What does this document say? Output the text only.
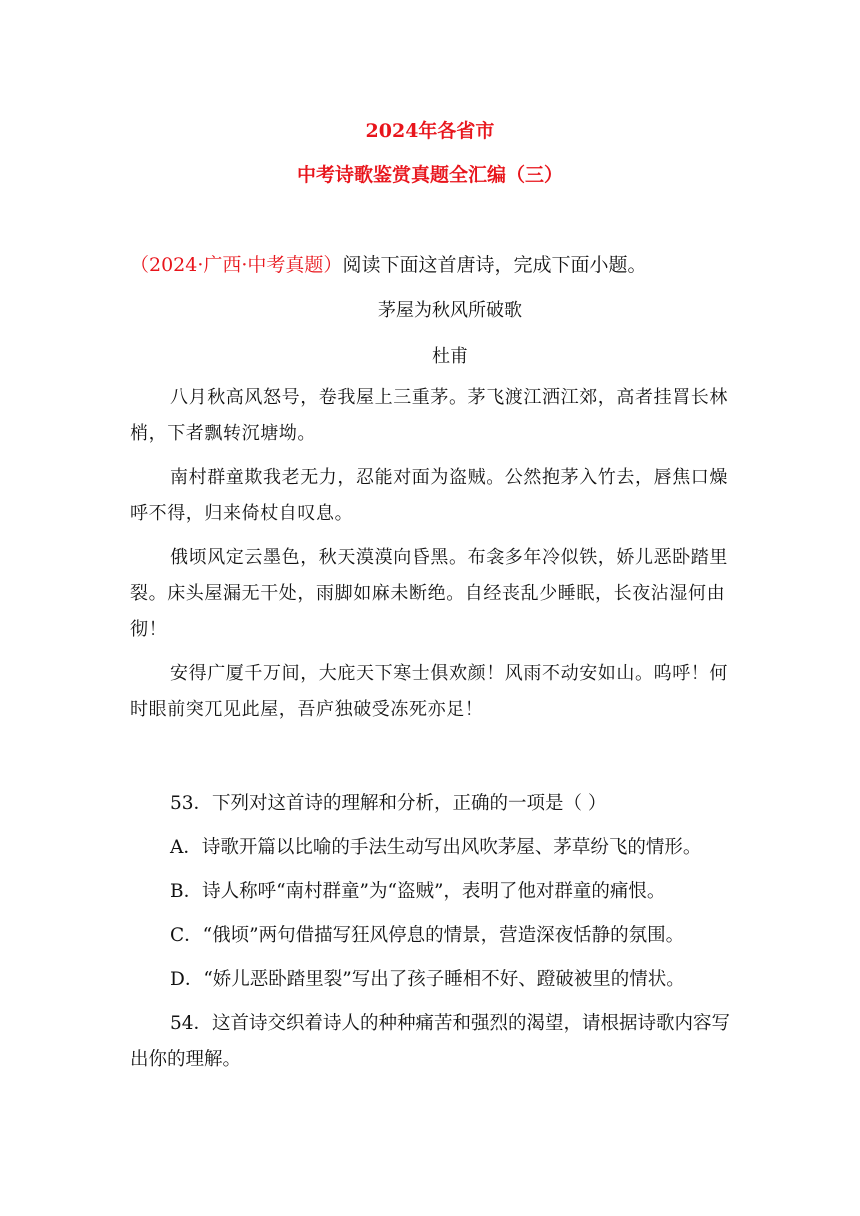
2024年各省市
中考诗歌鉴赏真题全汇编（三）
（2024·广西·中考真题）阅读下面这首唐诗，完成下面小题。
茅屋为秋风所破歌
杜甫

八月秋高风怒号，卷我屋上三重茅。茅飞渡江洒江郊，高者挂罥长林梢，下者飘转沉塘坳。

南村群童欺我老无力，忍能对面为盗贼。公然抱茅入竹去，唇焦口燥呼不得，归来倚杖自叹息。

俄顷风定云墨色，秋天漠漠向昏黑。布衾多年冷似铁，娇儿恶卧踏里裂。床头屋漏无干处，雨脚如麻未断绝。自经丧乱少睡眠，长夜沾湿何由彻！

安得广厦千万间，大庇天下寒士俱欢颜！风雨不动安如山。呜呼！何时眼前突兀见此屋，吾庐独破受冻死亦足！

53．下列对这首诗的理解和分析，正确的一项是（ ）

A．诗歌开篇以比喻的手法生动写出风吹茅屋、茅草纷飞的情形。

B．诗人称呼“南村群童”为“盗贼”，表明了他对群童的痛恨。

C．“俄顷”两句借描写狂风停息的情景，营造深夜恬静的氛围。

D．“娇儿恶卧踏里裂”写出了孩子睡相不好、蹬破被里的情状。

54．这首诗交织着诗人的种种痛苦和强烈的渴望，请根据诗歌内容写出你的理解。
